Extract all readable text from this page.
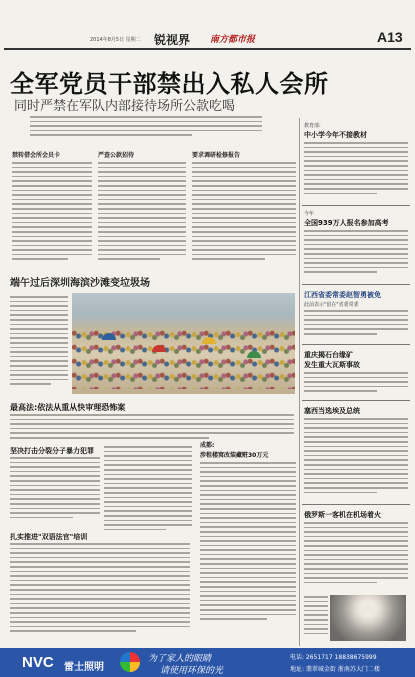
2014年8月5日 星期二 锐视界 南方都市报	A13
全军党员干部禁出入私人会所
同时严禁在军队内部接待场所公款吃喝
禁转借会所会员卡	严查公款招待	要求调研检修报告
端午过后深圳海滨沙滩变垃圾场
最高法:依法从重从快审理恐怖案
坚决打击分裂分子暴力犯罪
扎实推进"双语法官"培训
成都:
涉租楼窝改装藏赃30万元
教育部:
中小学今年不接教材
今年
全国939万人报名参加高考
江西省委常委赵智勇被免
此前表示"留在"省委常委
重庆揭石台缘矿
发生重大瓦斯事故
塞西当选埃及总统
俄罗斯一客机在机场着火
NVC 雷士照明
为了家人的眼睛
请使用环保的光
电话: 2651717 18838675999
地址: 翡翠城金街 浙南苏大门二楼
